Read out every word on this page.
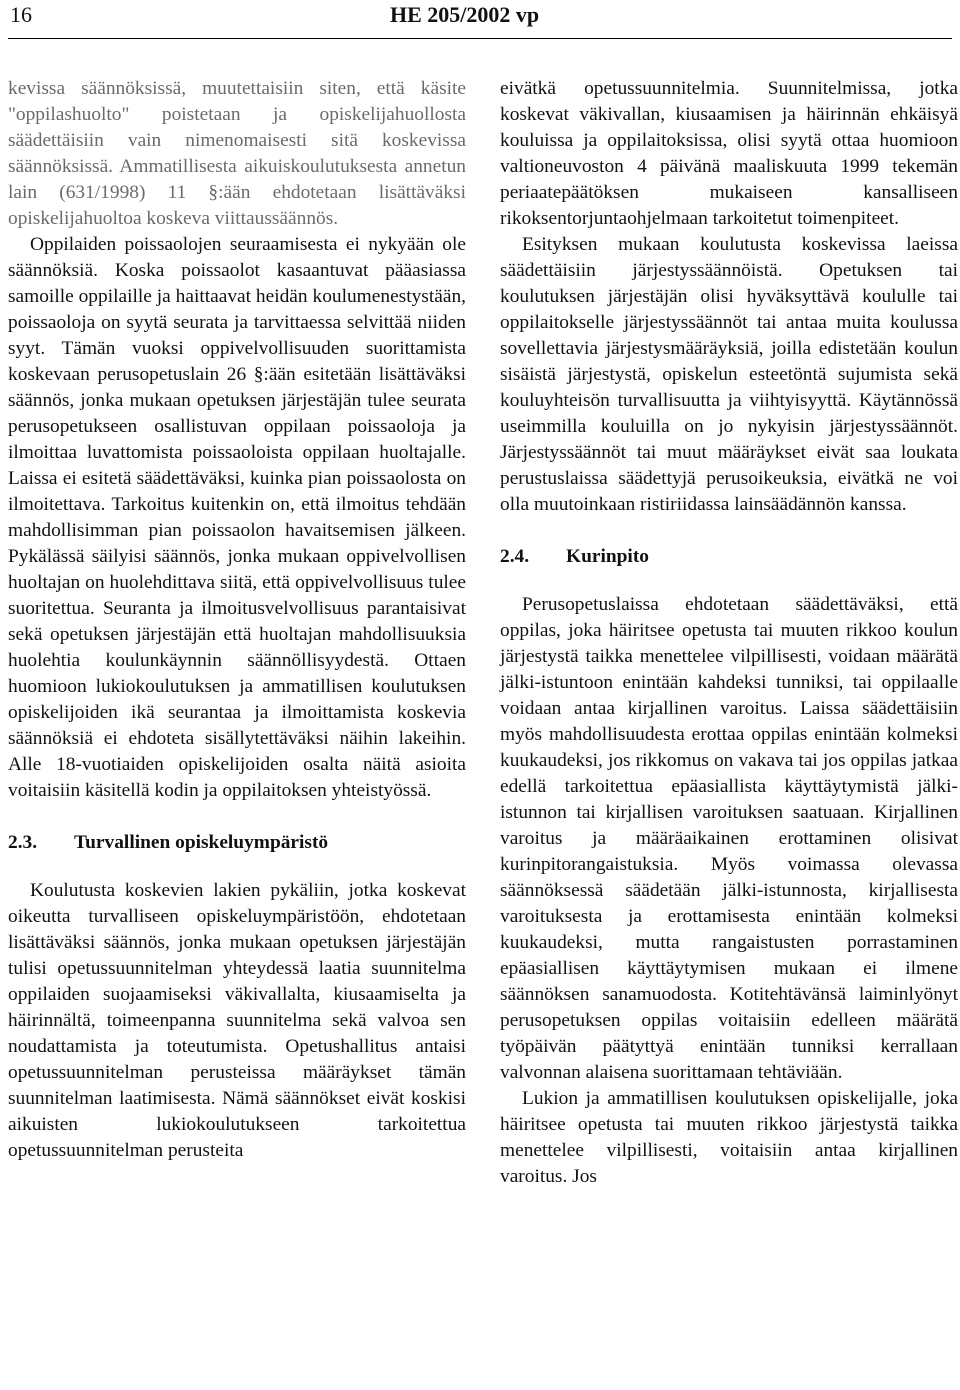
16	HE 205/2002 vp

kevissa säännöksissä, muutettaisiin siten, että käsite "oppilashuolto" poistetaan ja opiskelijahuollosta säädettäisiin vain nimenomaisesti sitä koskevissa säännöksissä. Ammatillisesta aikuiskoulutuksesta annetun lain (631/1998) 11 §:ään ehdotetaan lisättäväksi opiskelijahuoltoa koskeva viittaussäännös.

Oppilaiden poissaolojen seuraamisesta ei nykyään ole säännöksiä. Koska poissaolot kasaantuvat pääasiassa samoille oppilaille ja haittaavat heidän koulumenestystään, poissaoloja on syytä seurata ja tarvittaessa selvittää niiden syyt. Tämän vuoksi oppivelvollisuuden suorittamista koskevaan perusopetuslain 26 §:ään esitetään lisättäväksi säännös, jonka mukaan opetuksen järjestäjän tulee seurata perusopetukseen osallistuvan oppilaan poissaoloja ja ilmoittaa luvattomista poissaoloista oppilaan huoltajalle. Laissa ei esitetä säädettäväksi, kuinka pian poissaolosta on ilmoitettava. Tarkoitus kuitenkin on, että ilmoitus tehdään mahdollisimman pian poissaolon havaitsemisen jälkeen. Pykälässä säilyisi säännös, jonka mukaan oppivelvollisen huoltajan on huolehdittava siitä, että oppivelvollisuus tulee suoritettua. Seuranta ja ilmoitusvelvollisuus parantaisivat sekä opetuksen järjestäjän että huoltajan mahdollisuuksia huolehtia koulunkäynnin säännöllisyydestä. Ottaen huomioon lukiokoulutuksen ja ammatillisen koulutuksen opiskelijoiden ikä seurantaa ja ilmoittamista koskevia säännöksiä ei ehdoteta sisällytettäväksi näihin lakeihin. Alle 18-vuotiaiden opiskelijoiden osalta näitä asioita voitaisiin käsitellä kodin ja oppilaitoksen yhteistyössä.

2.3. Turvallinen opiskeluympäristö

Koulutusta koskevien lakien pykäliin, jotka koskevat oikeutta turvalliseen opiskeluympäristöön, ehdotetaan lisättäväksi säännös, jonka mukaan opetuksen järjestäjän tulisi opetussuunnitelman yhteydessä laatia suunnitelma oppilaiden suojaamiseksi väkivallalta, kiusaamiselta ja häirinnältä, toimeenpanna suunnitelma sekä valvoa sen noudattamista ja toteutumista. Opetushallitus antaisi opetussuunnitelman perusteissa määräykset tämän suunnitelman laatimisesta. Nämä säännökset eivät koskisi aikuisten lukiokoulutukseen tarkoitettua opetussuunnitelman perusteita

eivätkä opetussuunnitelmia. Suunnitelmissa, jotka koskevat väkivallan, kiusaamisen ja häirinnän ehkäisyä kouluissa ja oppilaitoksissa, olisi syytä ottaa huomioon valtioneuvoston 4 päivänä maaliskuuta 1999 tekemän periaatepäätöksen mukaiseen kansalliseen rikoksentorjuntaohjelmaan tarkoitetut toimenpiteet.

Esityksen mukaan koulutusta koskevissa laeissa säädettäisiin järjestyssäännöistä. Opetuksen tai koulutuksen järjestäjän olisi hyväksyttävä koululle tai oppilaitokselle järjestyssäännöt tai antaa muita koulussa sovellettavia järjestysmääräyksiä, joilla edistetään koulun sisäistä järjestystä, opiskelun esteetöntä sujumista sekä kouluyhteisön turvallisuutta ja viihtyisyyttä. Käytännössä useimmilla kouluilla on jo nykyisin järjestyssäännöt. Järjestyssäännöt tai muut määräykset eivät saa loukata perustuslaissa säädettyjä perusoikeuksia, eivätkä ne voi olla muutoinkaan ristiriidassa lainsäädännön kanssa.

2.4. Kurinpito

Perusopetuslaissa ehdotetaan säädettäväksi, että oppilas, joka häiritsee opetusta tai muuten rikkoo koulun järjestystä taikka menettelee vilpillisesti, voidaan määrätä jälki-istuntoon enintään kahdeksi tunniksi, tai oppilaalle voidaan antaa kirjallinen varoitus. Laissa säädettäisiin myös mahdollisuudesta erottaa oppilas enintään kolmeksi kuukaudeksi, jos rikkomus on vakava tai jos oppilas jatkaa edellä tarkoitettua epäasiallista käyttäytymistä jälki-istunnon tai kirjallisen varoituksen saatuaan. Kirjallinen varoitus ja määräaikainen erottaminen olisivat kurinpitorangaistuksia. Myös voimassa olevassa säännöksessä säädetään jälki-istunnosta, kirjallisesta varoituksesta ja erottamisesta enintään kolmeksi kuukaudeksi, mutta rangaistusten porrastaminen epäasiallisen käyttäytymisen mukaan ei ilmene säännöksen sanamuodosta. Kotitehtävänsä laiminlyönyt perusopetuksen oppilas voitaisiin edelleen määrätä työpäivän päätyttyä enintään tunniksi kerrallaan valvonnan alaisena suorittamaan tehtäviään.

Lukion ja ammatillisen koulutuksen opiskelijalle, joka häiritsee opetusta tai muuten rikkoo järjestystä taikka menettelee vilpillisesti, voitaisiin antaa kirjallinen varoitus. Jos
